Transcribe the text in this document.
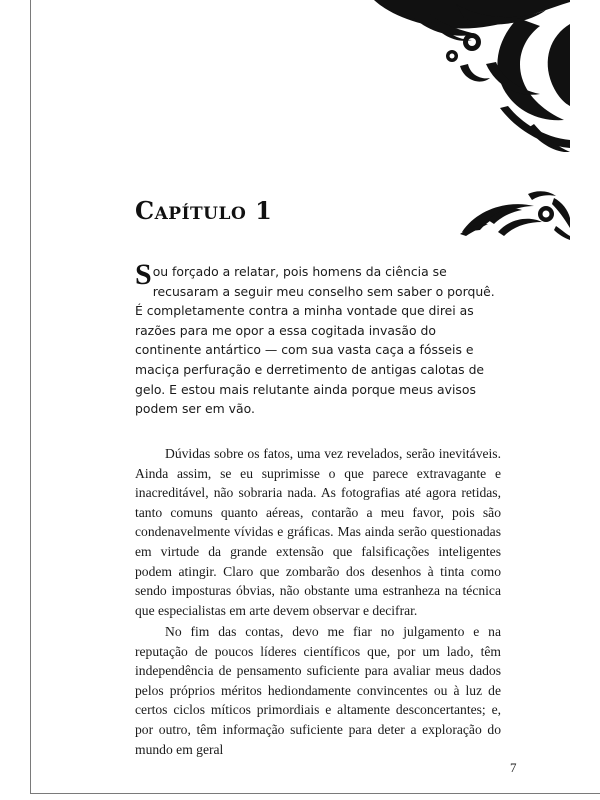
Capítulo 1

Sou forçado a relatar, pois homens da ciência se recusaram a seguir meu conselho sem saber o porquê. É completamente contra a minha vontade que direi as razões para me opor a essa cogitada invasão do continente antártico — com sua vasta caça a fósseis e maciça perfuração e derretimento de antigas calotas de gelo. E estou mais relutante ainda porque meus avisos podem ser em vão.

Dúvidas sobre os fatos, uma vez revelados, serão inevitáveis. Ainda assim, se eu suprimisse o que parece extravagante e inacreditável, não sobraria nada. As fotografias até agora retidas, tanto comuns quanto aéreas, contarão a meu favor, pois são condenavelmente vívidas e gráficas. Mas ainda serão questionadas em virtude da grande extensão que falsificações inteligentes podem atingir. Claro que zombarão dos desenhos à tinta como sendo imposturas óbvias, não obstante uma estranheza na técnica que especialistas em arte devem observar e decifrar.

No fim das contas, devo me fiar no julgamento e na reputação de poucos líderes científicos que, por um lado, têm independência de pensamento suficiente para avaliar meus dados pelos próprios méritos hediondamente convincentes ou à luz de certos ciclos míticos primordiais e altamente desconcertantes; e, por outro, têm informação suficiente para deter a exploração do mundo em geral

7
